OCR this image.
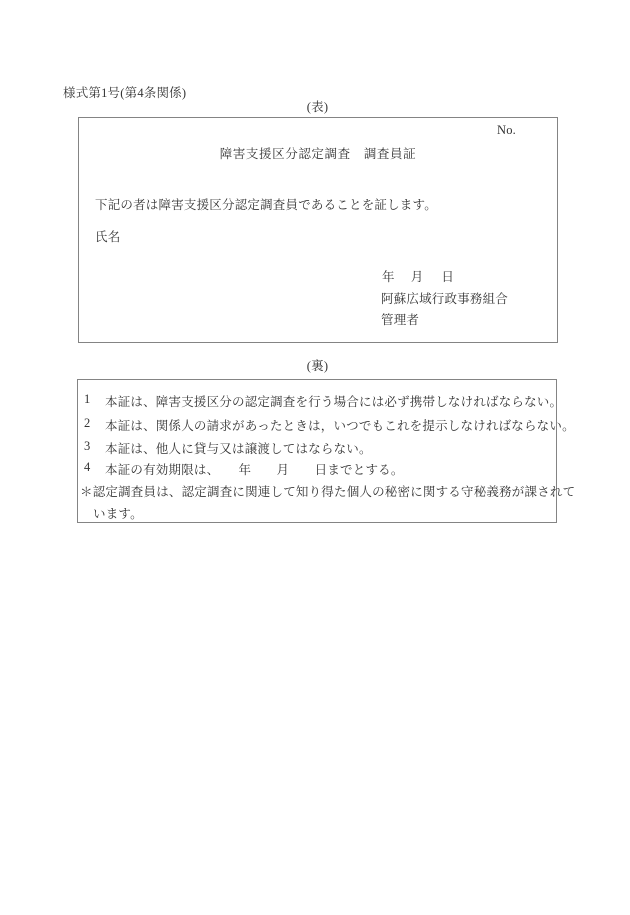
様式第1号(第4条関係)
(表)
No.
障害支援区分認定調査　調査員証
下記の者は障害支援区分認定調査員であることを証します。
氏名
年 月 日
阿蘇広域行政事務組合
管理者
(裏)
1	本証は、障害支援区分の認定調査を行う場合には必ず携帯しなければならない。
2	本証は、関係人の請求があったときは，いつでもこれを提示しなければならない。
3	本証は、他人に貸与又は譲渡してはならない。
4	本証の有効期限は、　　年　　月　　日までとする。
＊ 認定調査員は、認定調査に関連して知り得た個人の秘密に関する守秘義務が課されて
います。
